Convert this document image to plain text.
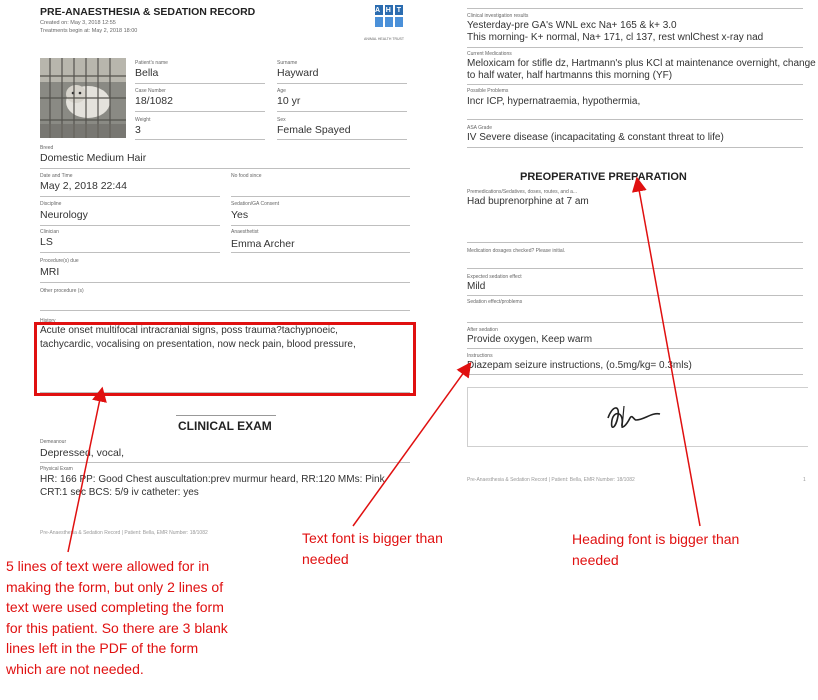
PRE-ANAESTHESIA & SEDATION RECORD
Created on: May 3, 2018 12:55
Treatments begin at: May 2, 2018 18:00
A H T
ANIMAL HEALTH TRUST
Patient's name
Bella
Surname
Hayward
Case Number
18/1082
Age
10 yr
Weight
3
Sex
Female Spayed
Breed
Domestic Medium Hair
Date and Time
May 2, 2018 22:44
No food since
Discipline
Neurology
Sedation/GA Consent
Yes
Clinician
LS
Anaesthetist
Emma Archer
Procedure(s) due
MRI
Other procedure (s)
History
Acute onset multifocal intracranial signs, poss trauma?tachypnoeic,
tachycardic, vocalising on presentation, now neck pain, blood pressure,
CLINICAL EXAM
Demeanour
Depressed, vocal,
Physical Exam
HR: 166 PP: Good Chest auscultation:prev murmur heard, RR:120 MMs: Pink
CRT:1 sec BCS: 5/9 iv catheter: yes
Pre-Anaesthesia & Sedation Record | Patient: Bella, EMR Number: 18/1082
Clinical investigation results
Yesterday-pre GA's WNL exc Na+ 165 & k+ 3.0
This morning- K+ normal, Na+ 171, cl 137, rest wnlChest x-ray nad
Current Medications
Meloxicam for stifle dz, Hartmann's plus KCl at maintenance overnight, change
to half water, half hartmanns this morning (YF)
Possible Problems
Incr ICP, hypernatraemia, hypothermia,
ASA Grade
IV Severe disease (incapacitating & constant threat to life)
PREOPERATIVE PREPARATION
Premedications/Sedatives, doses, routes, and a...
Had buprenorphine at 7 am
Medication dosages checked? Please initial.
Expected sedation effect
Mild
Sedation effect/problems
After sedation
Provide oxygen, Keep warm
Instructions
Diazepam seizure instructions, (o.5mg/kg= 0.3mls)
Pre-Anaesthesia & Sedation Record | Patient: Bella, EMR Number: 18/1082	1
5 lines of text were allowed for in
making the form, but only 2 lines of
text were used completing the form
for this patient. So there are 3 blank
lines left in the PDF of the form
which are not needed.
Text font is bigger than
needed
Heading font is bigger than
needed
